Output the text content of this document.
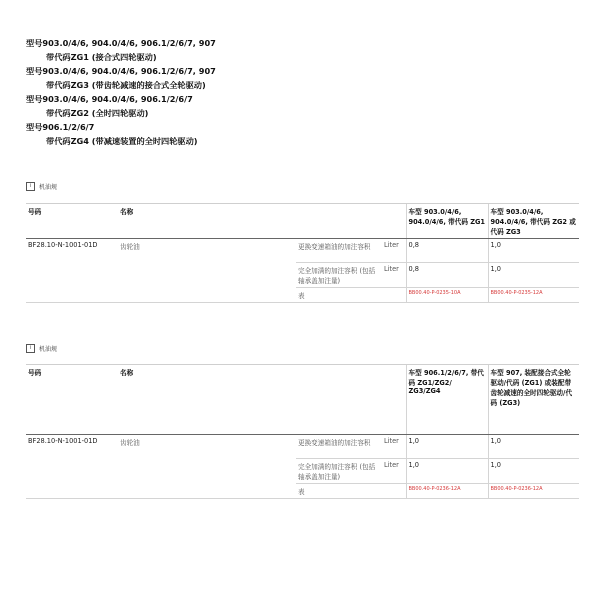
型号903.0/4/6, 904.0/4/6, 906.1/2/6/7, 907
带代码ZG1 (接合式四轮驱动)
型号903.0/4/6, 904.0/4/6, 906.1/2/6/7, 907
带代码ZG3 (带齿轮减速的接合式全轮驱动)
型号903.0/4/6, 904.0/4/6, 906.1/2/6/7
带代码ZG2 (全时四轮驱动)
型号906.1/2/6/7
带代码ZG4 (带减速装置的全时四轮驱动)
i	机油规
号码	名称			车型 903.0/4/6, 904.0/4/6, 带代码 ZG1	车型 903.0/4/6, 904.0/4/6, 带代码 ZG2 或代码 ZG3
BF28.10-N-1001-01D	齿轮油	更换变速箱油的加注容积	Liter	0,8	1,0
		完全加满的加注容积 (包括轴承盖加注量)	Liter	0,8	1,0
		表		BB00.40-P-0235-10A	BB00.40-P-0235-12A
i	机油规
号码	名称			车型 906.1/2/6/7, 带代码 ZG1/ZG2/ ZG3/ZG4	车型 907, 装配接合式全轮驱动/代码 (ZG1) 或装配带齿轮减速的全时四轮驱动/代码 (ZG3)
BF28.10-N-1001-01D	齿轮油	更换变速箱油的加注容积	Liter	1,0	1,0
		完全加满的加注容积 (包括轴承盖加注量)	Liter	1,0	1,0
		表		BB00.40-P-0236-12A	BB00.40-P-0236-12A
